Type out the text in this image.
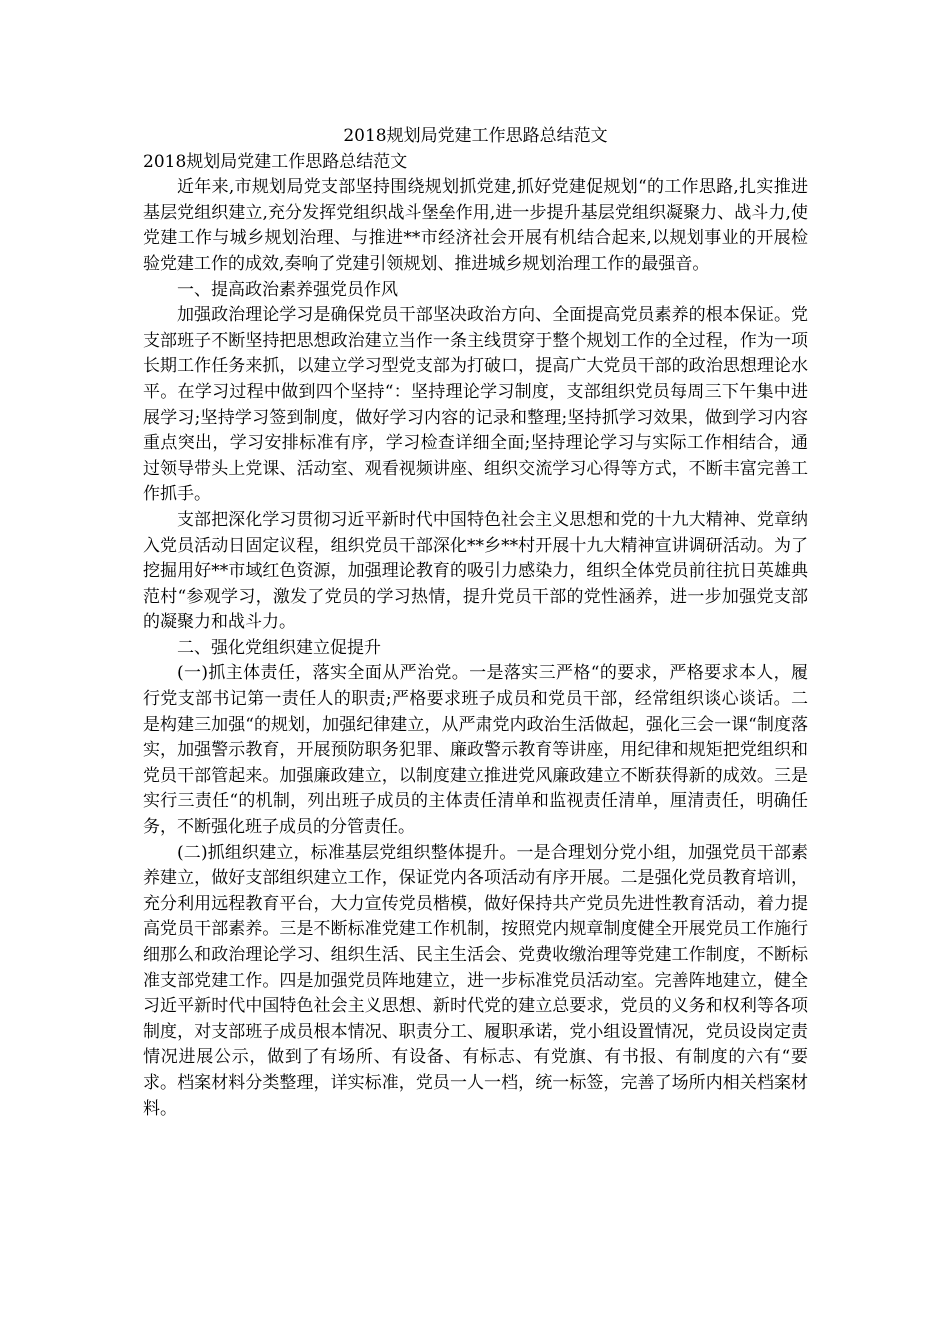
2018规划局党建工作思路总结范文

2018规划局党建工作思路总结范文

近年来,市规划局党支部坚持围绕规划抓党建,抓好党建促规划“的工作思路,扎实推进基层党组织建立,充分发挥党组织战斗堡垒作用,进一步提升基层党组织凝聚力、战斗力,使党建工作与城乡规划治理、与推进**市经济社会开展有机结合起来,以规划事业的开展检验党建工作的成效,奏响了党建引领规划、推进城乡规划治理工作的最强音。

一、提高政治素养强党员作风

加强政治理论学习是确保党员干部坚决政治方向、全面提高党员素养的根本保证。党支部班子不断坚持把思想政治建立当作一条主线贯穿于整个规划工作的全过程，作为一项长期工作任务来抓，以建立学习型党支部为打破口，提高广大党员干部的政治思想理论水平。在学习过程中做到四个坚持“：坚持理论学习制度，支部组织党员每周三下午集中进展学习;坚持学习签到制度，做好学习内容的记录和整理;坚持抓学习效果，做到学习内容重点突出，学习安排标准有序，学习检查详细全面;坚持理论学习与实际工作相结合，通过领导带头上党课、活动室、观看视频讲座、组织交流学习心得等方式，不断丰富完善工作抓手。

支部把深化学习贯彻习近平新时代中国特色社会主义思想和党的十九大精神、党章纳入党员活动日固定议程，组织党员干部深化**乡**村开展十九大精神宣讲调研活动。为了挖掘用好**市域红色资源，加强理论教育的吸引力感染力，组织全体党员前往抗日英雄典范村“参观学习，激发了党员的学习热情，提升党员干部的党性涵养，进一步加强党支部的凝聚力和战斗力。

二、强化党组织建立促提升

(一)抓主体责任，落实全面从严治党。一是落实三严格“的要求，严格要求本人，履行党支部书记第一责任人的职责;严格要求班子成员和党员干部，经常组织谈心谈话。二是构建三加强“的规划，加强纪律建立，从严肃党内政治生活做起，强化三会一课“制度落实，加强警示教育，开展预防职务犯罪、廉政警示教育等讲座，用纪律和规矩把党组织和党员干部管起来。加强廉政建立，以制度建立推进党风廉政建立不断获得新的成效。三是实行三责任“的机制，列出班子成员的主体责任清单和监视责任清单，厘清责任，明确任务，不断强化班子成员的分管责任。

(二)抓组织建立，标准基层党组织整体提升。一是合理划分党小组，加强党员干部素养建立，做好支部组织建立工作，保证党内各项活动有序开展。二是强化党员教育培训，充分利用远程教育平台，大力宣传党员楷模，做好保持共产党员先进性教育活动，着力提高党员干部素养。三是不断标准党建工作机制，按照党内规章制度健全开展党员工作施行细那么和政治理论学习、组织生活、民主生活会、党费收缴治理等党建工作制度，不断标准支部党建工作。四是加强党员阵地建立，进一步标准党员活动室。完善阵地建立，健全习近平新时代中国特色社会主义思想、新时代党的建立总要求，党员的义务和权利等各项制度，对支部班子成员根本情况、职责分工、履职承诺，党小组设置情况，党员设岗定责情况进展公示，做到了有场所、有设备、有标志、有党旗、有书报、有制度的六有“要求。档案材料分类整理，详实标准，党员一人一档，统一标签，完善了场所内相关档案材料。
